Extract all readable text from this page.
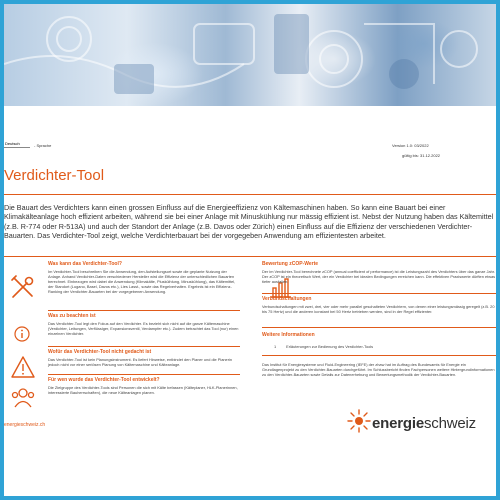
Deutsch	- Sprache	Version 1.0: 03/2022
gültig bis: 31.12.2022
Verdichter-Tool
Die Bauart des Verdichters kann einen grossen Einfluss auf die Energieeffizienz von Kältemaschinen haben. So kann eine Bauart bei einer Klimakälteanlage hoch effizient arbeiten, während sie bei einer Anlage mit Minuskühlung nur mässig effizient ist. Nebst der Nutzung haben das Kältemittel (z.B. R-774 oder R-513A) und auch der Standort der Anlage (z.B. Davos oder Zürich) einen Einfluss auf die Effizienz der verschiedenen Verdichter-Bauarten. Das Verdichter-Tool zeigt, welche Verdichterbauart bei der vorgegeben Anwendung am effizientesten arbeitet.
Was kann das Verdichter-Tool?

Im Verdichter-Tool beschreiben Sie die Anwendung, den Aufstellungsort sowie die geplante Nutzung der Anlage. Anhand Verdichter-Daten verschiedener Hersteller wird die Effizienz der unterschiedlichen Bauarten berechnet. Einbezogen wird dabei die Anwendung (Klimakälte, Plusküihlung, Minuskühlung), das Kältemittel, der Standort (Lugano, Basel, Davos etc.), Lies Lasst., sowie das Regelverhalten. Ergebnis ist ein Effizienz-Ranking der Verdichter-Bauarten bei der vorgegebenen Anwendung.

Was zu beachten ist

Das Verdichter-Tool legt den Fokus auf den Verdichter. Es bezieht sich nicht auf die ganze Kältemaschine (Verdichter, Leitungen, Verflüssiger, Expansionsventil, Verdampfer etc.). Zudem betrachtet das Tool (nur) einen einzelnen Verdichter.

Wofür das Verdichter-Tool nicht gedacht ist

Das Verdichter-Tool ist kein Planungsinstrument. Es liefert Hinweise, entbindet den Planer und die Planerin jedoch nicht vor einer seriösen Planung von Kältemaschine und Kälteanlage.

Für wen wurde das Verdichter-Tool entwickelt?

Die Zielgruppe des Verdichter-Tools sind Personen die sich mit Kälte befassen (Kälteplaner, HLK-Planerinnen, interessierte Bauherrschaften), die neue Kälteanlagen planen.

Bewertung zCOP-Werte

Der im Verdichter-Tool berechnete zCOP (annual coefficient of performance) ist die Leistungszahl des Verdichters über das ganze Jahr. Der zCOP ist ein theoretisch Wert, der ein Verdichter bei idealen Bedingungen erreichen kann. Die effektiven Praxiswerte dürften etwas tiefer ausfallen.

Verbundschaltungen

Verbundschaltungen mit zwei, drei, vier oder mehr parallel geschalteten Verdichtern, von denen einer leistungsmässig geregelt (z.B. 20 bis 75 Hertz) und die anderen konstant bei 50 Hertz betrieben werden, sind in der Regel effizienter.

Weitere Informationen
1	Erläuterungen zur Bedienung des Verdichter-Tools

Das Institut für Energiesysteme und Fluid-Engineering (IEFE) der zhaw hat im Auftrag des Bundesamts für Energie ein Grundlagenprojekt zu den Verdichter-Bauarten durchgeführt. Im Schlussbericht finden Fachpersonen weitere Hintergrundinformationen zu den Verdichter-Bauarten sowie Details zur Datenerhebung und Bewertungsmethodik der Verdichter-Bauarten.

energieschweiz.ch	energieschweiz
